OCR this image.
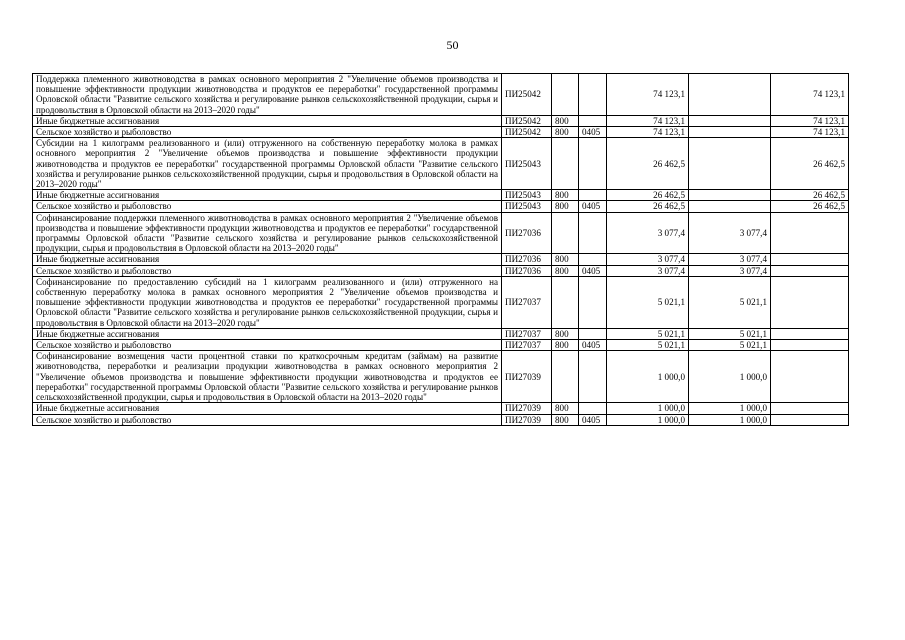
50
Поддержка племенного животноводства в рамках основного мероприятия 2 "Увеличение объемов производства и повышение эффективности продукции животноводства и продуктов ее переработки" государственной программы Орловской области "Развитие сельского хозяйства и регулирование рынков сельскохозяйственной продукции, сырья и продовольствия в Орловской области на 2013–2020 годы"	ПИ25042			74 123,1		74 123,1
Иные бюджетные ассигнования	ПИ25042	800		74 123,1		74 123,1
Сельское хозяйство и рыболовство	ПИ25042	800	0405	74 123,1		74 123,1
Субсидии на 1 килограмм реализованного и (или) отгруженного на собственную переработку молока в рамках основного мероприятия 2 "Увеличение объемов производства и повышение эффективности продукции животноводства и продуктов ее переработки" государственной программы Орловской области "Развитие сельского хозяйства и регулирование рынков сельскохозяйственной продукции, сырья и продовольствия в Орловской области на 2013–2020 годы"	ПИ25043			26 462,5		26 462,5
Иные бюджетные ассигнования	ПИ25043	800		26 462,5		26 462,5
Сельское хозяйство и рыболовство	ПИ25043	800	0405	26 462,5		26 462,5
Софинансирование поддержки племенного животноводства в рамках основного мероприятия 2 "Увеличение объемов производства и повышение эффективности продукции животноводства и продуктов ее переработки" государственной программы Орловской области "Развитие сельского хозяйства и регулирование рынков сельскохозяйственной продукции, сырья и продовольствия в Орловской области на 2013–2020 годы"	ПИ27036			3 077,4	3 077,4	
Иные бюджетные ассигнования	ПИ27036	800		3 077,4	3 077,4	
Сельское хозяйство и рыболовство	ПИ27036	800	0405	3 077,4	3 077,4	
Софинансирование по предоставлению субсидий на 1 килограмм реализованного и (или) отгруженного на собственную переработку молока в рамках основного мероприятия 2 "Увеличение объемов производства и повышение эффективности продукции животноводства и продуктов ее переработки" государственной программы Орловской области "Развитие сельского хозяйства и регулирование рынков сельскохозяйственной продукции, сырья и продовольствия в Орловской области на 2013–2020 годы"	ПИ27037			5 021,1	5 021,1	
Иные бюджетные ассигнования	ПИ27037	800		5 021,1	5 021,1	
Сельское хозяйство и рыболовство	ПИ27037	800	0405	5 021,1	5 021,1	
Софинансирование возмещения части процентной ставки по краткосрочным кредитам (займам) на развитие животноводства, переработки и реализации продукции животноводства в рамках основного мероприятия 2 "Увеличение объемов производства и повышение эффективности продукции животноводства и продуктов ее переработки" государственной программы Орловской области "Развитие сельского хозяйства и регулирование рынков сельскохозяйственной продукции, сырья и продовольствия в Орловской области на 2013–2020 годы"	ПИ27039			1 000,0	1 000,0	
Иные бюджетные ассигнования	ПИ27039	800		1 000,0	1 000,0	
Сельское хозяйство и рыболовство	ПИ27039	800	0405	1 000,0	1 000,0	
